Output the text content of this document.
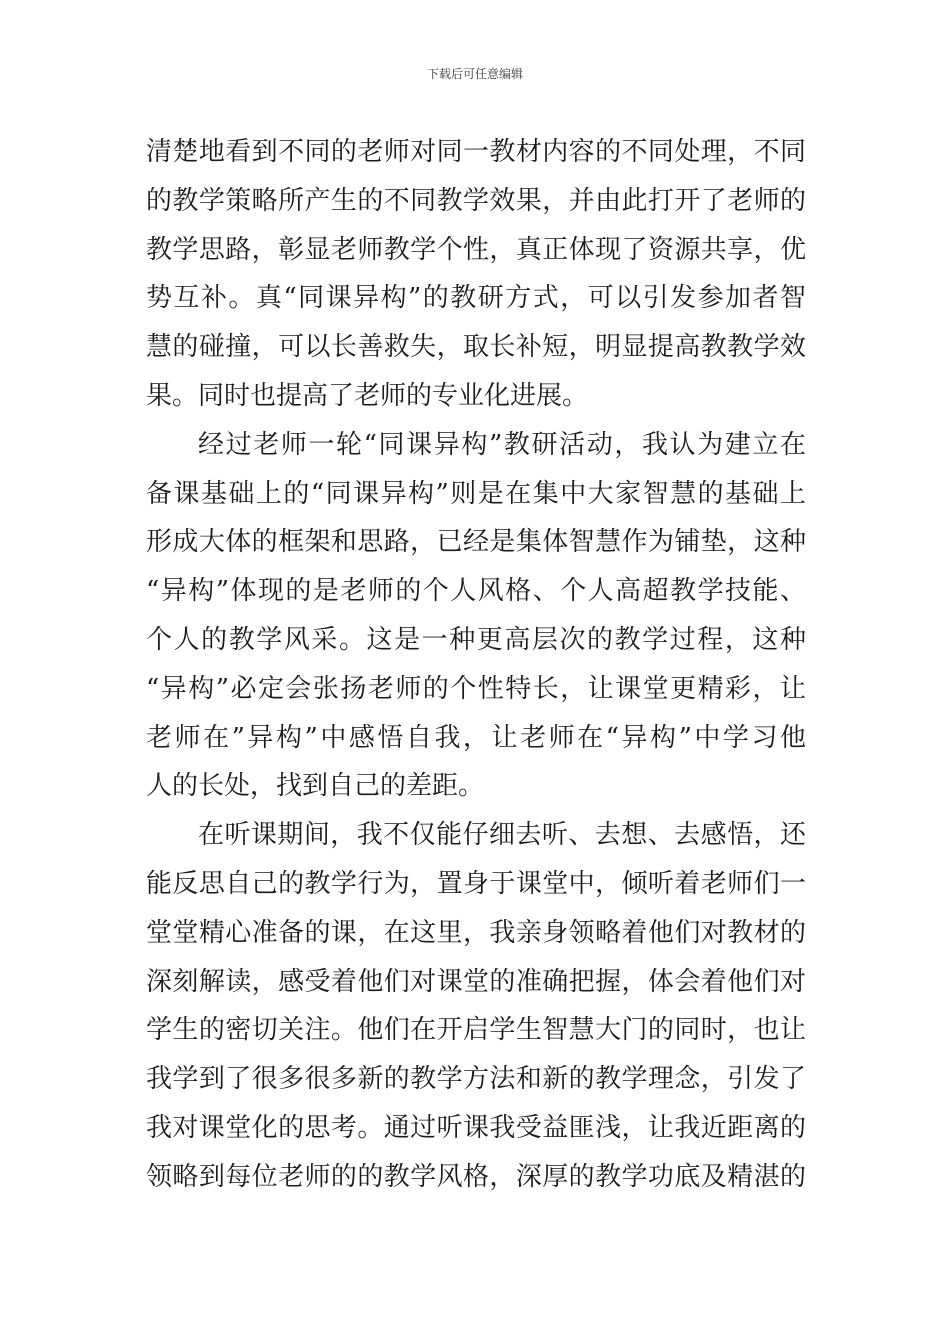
下载后可任意编辑
清楚地看到不同的老师对同一教材内容的不同处理，不同
的教学策略所产生的不同教学效果，并由此打开了老师的
教学思路，彰显老师教学个性，真正体现了资源共享，优
势互补。真“同课异构”的教研方式，可以引发参加者智
慧的碰撞，可以长善救失，取长补短，明显提高教教学效
果。同时也提高了老师的专业化进展。
经过老师一轮“同课异构”教研活动，我认为建立在
备课基础上的“同课异构”则是在集中大家智慧的基础上
形成大体的框架和思路，已经是集体智慧作为铺垫，这种
“异构”体现的是老师的个人风格、个人高超教学技能、
个人的教学风采。这是一种更高层次的教学过程，这种
“异构”必定会张扬老师的个性特长，让课堂更精彩，让
老师在”异构”中感悟自我，让老师在“异构”中学习他
人的长处，找到自己的差距。
在听课期间，我不仅能仔细去听、去想、去感悟，还
能反思自己的教学行为，置身于课堂中，倾听着老师们一
堂堂精心准备的课，在这里，我亲身领略着他们对教材的
深刻解读，感受着他们对课堂的准确把握，体会着他们对
学生的密切关注。他们在开启学生智慧大门的同时，也让
我学到了很多很多新的教学方法和新的教学理念，引发了
我对课堂化的思考。通过听课我受益匪浅，让我近距离的
领略到每位老师的的教学风格，深厚的教学功底及精湛的
